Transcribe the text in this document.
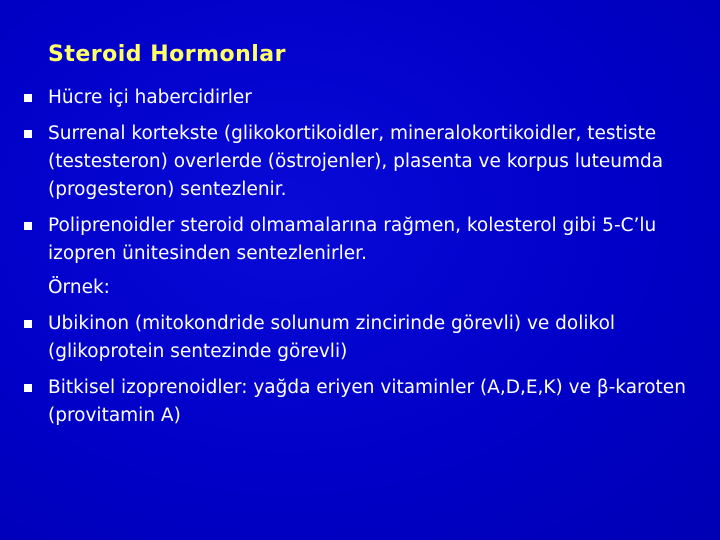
Steroid Hormonlar
Hücre içi habercidirler
Surrenal kortekste (glikokortikoidler, mineralokortikoidler, testiste (testesteron) overlerde (östrojenler), plasenta ve korpus luteumda (progesteron) sentezlenir.
Poliprenoidler steroid olmamalarına rağmen, kolesterol gibi 5-C’lu izopren ünitesinden sentezlenirler.
Örnek:
Ubikinon (mitokondride solunum zincirinde görevli) ve dolikol (glikoprotein sentezinde görevli)
Bitkisel izoprenoidler: yağda eriyen vitaminler (A,D,E,K) ve β-karoten (provitamin A)
